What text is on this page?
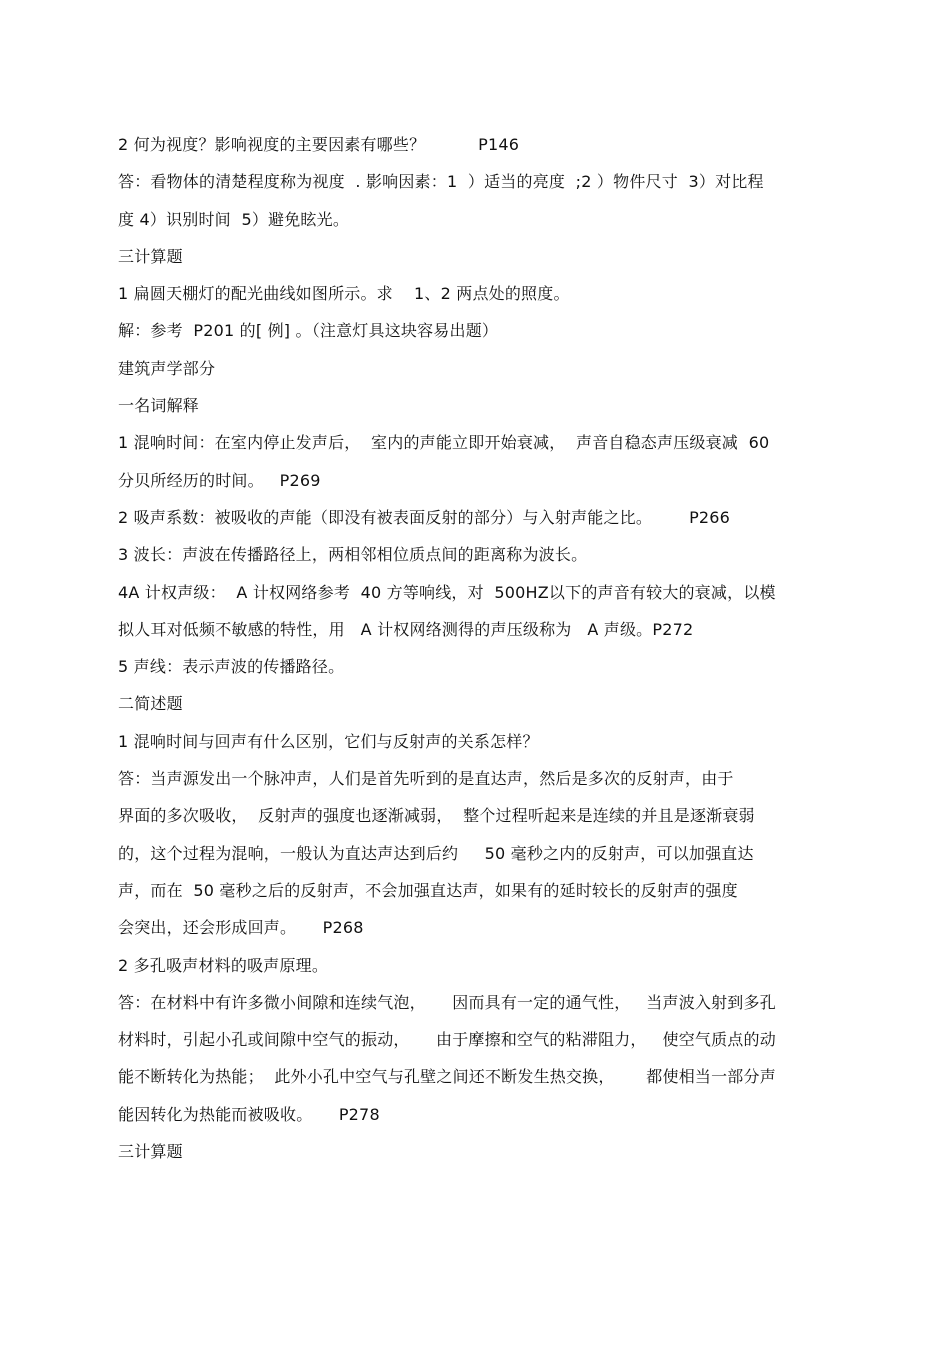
2 何为视度？影响视度的主要因素有哪些？          P146
答：看物体的清楚程度称为视度  . 影响因素：1  ）适当的亮度  ;2 ）物件尺寸  3）对比程
度 4）识别时间  5）避免眩光。
三计算题
1 扁圆天棚灯的配光曲线如图所示。求    1、2 两点处的照度。
解：参考  P201 的[ 例] 。（注意灯具这块容易出题）
建筑声学部分
一名词解释
1 混响时间：在室内停止发声后，  室内的声能立即开始衰减，  声音自稳态声压级衰减  60
分贝所经历的时间。   P269
2 吸声系数：被吸收的声能（即没有被表面反射的部分）与入射声能之比。       P266
3 波长：声波在传播路径上，两相邻相位质点间的距离称为波长。
4A 计权声级：  A 计权网络参考  40 方等响线，对  500HZ以下的声音有较大的衰减，以模
拟人耳对低频不敏感的特性，用   A 计权网络测得的声压级称为   A 声级。P272
5 声线：表示声波的传播路径。
二简述题
1 混响时间与回声有什么区别，它们与反射声的关系怎样？
答：当声源发出一个脉冲声，人们是首先听到的是直达声，然后是多次的反射声，由于
界面的多次吸收，  反射声的强度也逐渐减弱，  整个过程听起来是连续的并且是逐渐衰弱
的，这个过程为混响，一般认为直达声达到后约     50 毫秒之内的反射声，可以加强直达
声，而在  50 毫秒之后的反射声，不会加强直达声，如果有的延时较长的反射声的强度
会突出，还会形成回声。     P268
2 多孔吸声材料的吸声原理。
答：在材料中有许多微小间隙和连续气泡，     因而具有一定的通气性，   当声波入射到多孔
材料时，引起小孔或间隙中空气的振动，     由于摩擦和空气的粘滞阻力，   使空气质点的动
能不断转化为热能；  此外小孔中空气与孔壁之间还不断发生热交换，      都使相当一部分声
能因转化为热能而被吸收。     P278
三计算题
